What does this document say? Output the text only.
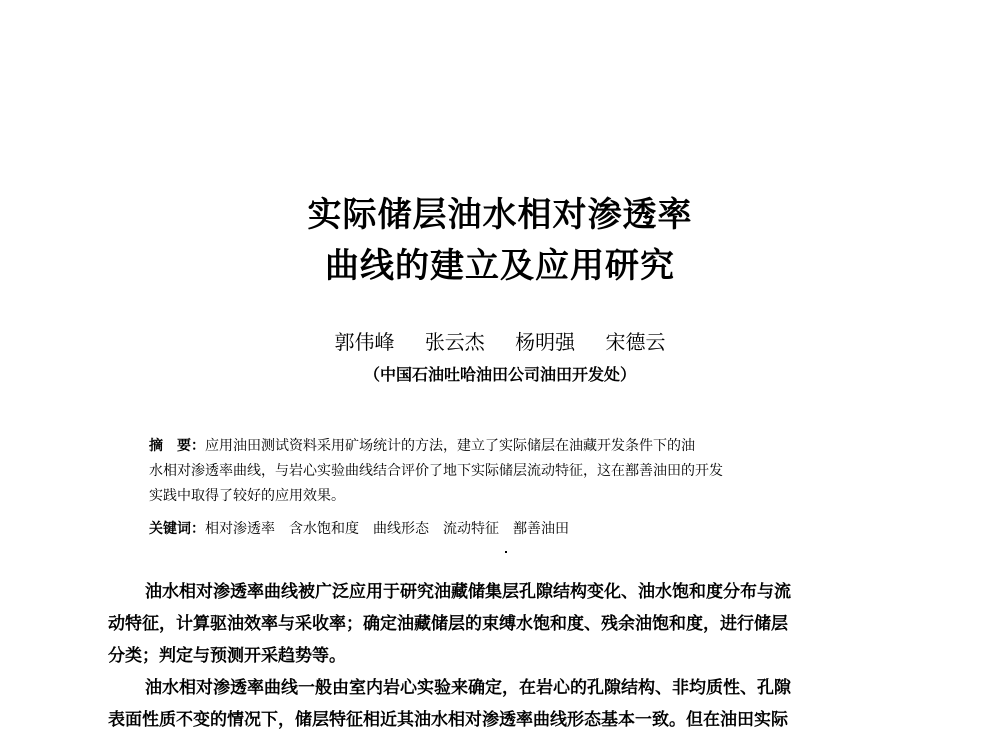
实际储层油水相对渗透率
曲线的建立及应用研究
郭伟峰 张云杰 杨明强 宋德云
（中国石油吐哈油田公司油田开发处）
摘　要：应用油田测试资料采用矿场统计的方法，建立了实际储层在油藏开发条件下的油
水相对渗透率曲线，与岩心实验曲线结合评价了地下实际储层流动特征，这在鄯善油田的开发
实践中取得了较好的应用效果。
关键词：相对渗透率　含水饱和度　曲线形态　流动特征　鄯善油田
油水相对渗透率曲线被广泛应用于研究油藏储集层孔隙结构变化、油水饱和度分布与流
动特征，计算驱油效率与采收率；确定油藏储层的束缚水饱和度、残余油饱和度，进行储层
分类；判定与预测开采趋势等。
油水相对渗透率曲线一般由室内岩心实验来确定，在岩心的孔隙结构、非均质性、孔隙
表面性质不变的情况下，储层特征相近其油水相对渗透率曲线形态基本一致。但在油田实际
